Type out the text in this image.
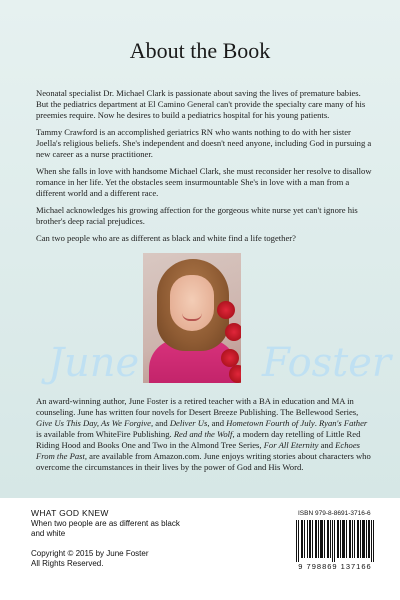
About the Book

Neonatal specialist Dr. Michael Clark is passionate about saving the lives of premature babies. But the pediatrics department at El Camino General can't provide the specialty care many of his preemies require. Now he desires to build a pediatrics hospital for his young patients.

Tammy Crawford is an accomplished geriatrics RN who wants nothing to do with her sister Joella's religious beliefs. She's independent and doesn't need anyone, including God in pursuing a new career as a nurse practitioner.

When she falls in love with handsome Michael Clark, she must reconsider her resolve to disallow romance in her life. Yet the obstacles seem insurmountable She's in love with a man from a different world and a different race.

Michael acknowledges his growing affection for the gorgeous white nurse yet can't ignore his brother's deep racial prejudices.

Can two people who are as different as black and white find a life together?

June	Foster
An award-winning author, June Foster is a retired teacher with a BA in education and MA in counseling. June has written four novels for Desert Breeze Publishing. The Bellewood Series, Give Us This Day, As We Forgive, and Deliver Us, and Hometown Fourth of July. Ryan's Father is available from WhiteFire Publishing. Red and the Wolf, a modern day retelling of Little Red Riding Hood and Books One and Two in the Almond Tree Series, For All Eternity and Echoes From the Past, are available from Amazon.com. June enjoys writing stories about characters who overcome the circumstances in their lives by the power of God and His Word.
WHAT GOD KNEW
When two people are as different as black and white
Copyright © 2015 by June Foster
All Rights Reserved.
ISBN 979-8-8691-3716-6
9 798869 137166
